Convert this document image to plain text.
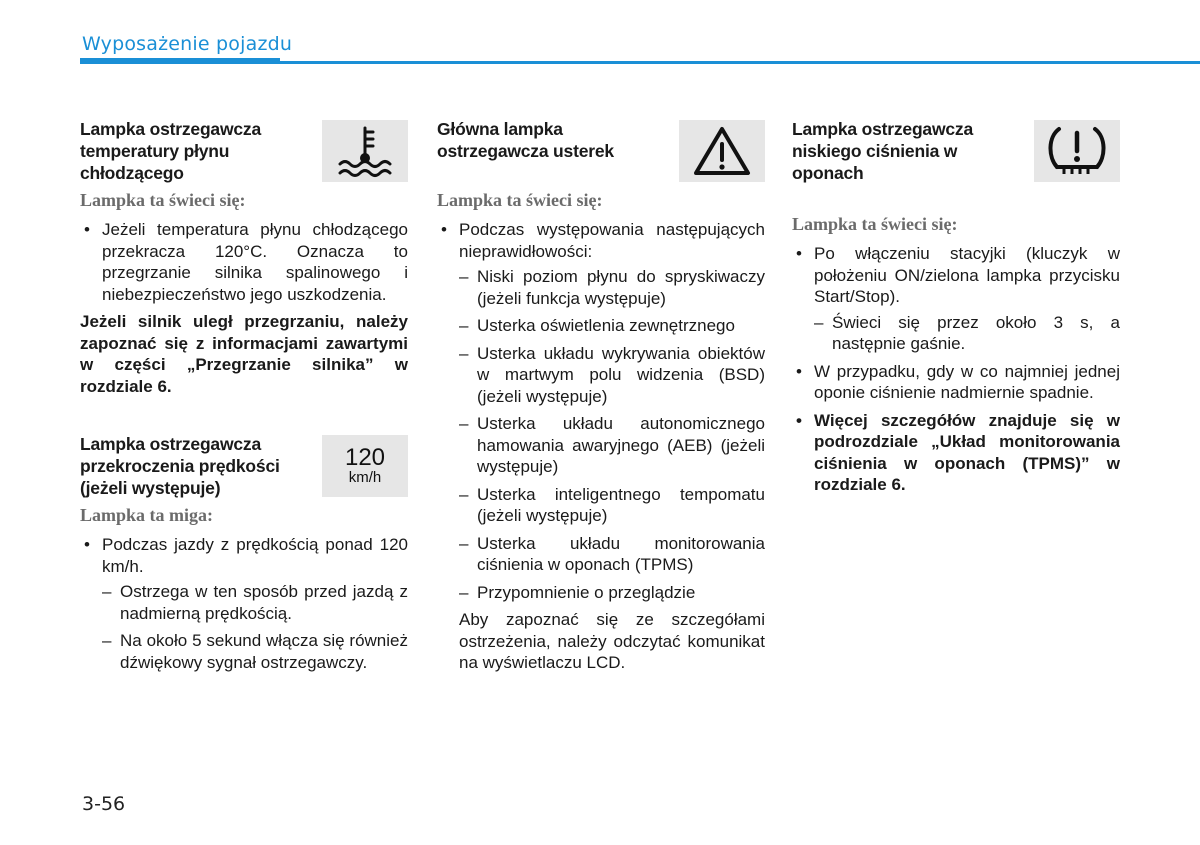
Wyposażenie pojazdu
Lampka ostrzegawcza temperatury płynu chłodzącego
Lampka ta świeci się:
• Jeżeli temperatura płynu chłodzącego przekracza 120°C. Oznacza to przegrzanie silnika spalinowego i niebezpieczeństwo jego uszkodzenia.
Jeżeli silnik uległ przegrzaniu, należy zapoznać się z informacjami zawartymi w części „Przegrzanie silnika” w rozdziale 6.
Lampka ostrzegawcza przekroczenia prędkości (jeżeli występuje)
120
km/h
Lampka ta miga:
• Podczas jazdy z prędkością ponad 120 km/h.
– Ostrzega w ten sposób przed jazdą z nadmierną prędkością.
– Na około 5 sekund włącza się również dźwiękowy sygnał ostrzegawczy.
Główna lampka ostrzegawcza usterek
Lampka ta świeci się:
• Podczas występowania następujących nieprawidłowości:
– Niski poziom płynu do spryskiwaczy (jeżeli funkcja występuje)
– Usterka oświetlenia zewnętrznego
– Usterka układu wykrywania obiektów w martwym polu widzenia (BSD) (jeżeli występuje)
– Usterka układu autonomicznego hamowania awaryjnego (AEB) (jeżeli występuje)
– Usterka inteligentnego tempomatu (jeżeli występuje)
– Usterka układu monitorowania ciśnienia w oponach (TPMS)
– Przypomnienie o przeglądzie
Aby zapoznać się ze szczegółami ostrzeżenia, należy odczytać komunikat na wyświetlaczu LCD.
Lampka ostrzegawcza niskiego ciśnienia w oponach
Lampka ta świeci się:
• Po włączeniu stacyjki (kluczyk w położeniu ON/zielona lampka przycisku Start/Stop).
– Świeci się przez około 3 s, a następnie gaśnie.
• W przypadku, gdy w co najmniej jednej oponie ciśnienie nadmiernie spadnie.
• Więcej szczegółów znajduje się w podrozdziale „Układ monitorowania ciśnienia w oponach (TPMS)” w rozdziale 6.
3-56
